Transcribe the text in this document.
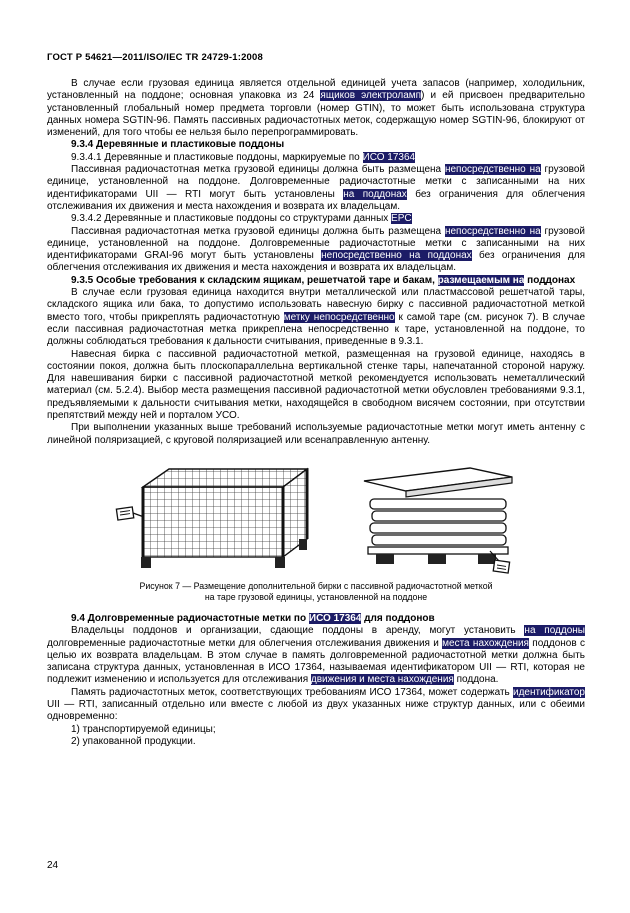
ГОСТ Р 54621—2011/ISO/IEC TR 24729-1:2008

В случае если грузовая единица является отдельной единицей учета запасов (например, холодильник, установленный на поддоне; основная упаковка из 24 ящиков электроламп) и ей присвоен предварительно установленный глобальный номер предмета торговли (номер GTIN), то может быть использована структура данных номера SGTIN-96. Память пассивных радиочастотных меток, содержащую номер SGTIN-96, блокируют от изменений, для того чтобы ее нельзя было перепрограммировать.

9.3.4 Деревянные и пластиковые поддоны

9.3.4.1 Деревянные и пластиковые поддоны, маркируемые по ИСО 17364

Пассивная радиочастотная метка грузовой единицы должна быть размещена непосредственно на грузовой единице, установленной на поддоне. Долговременные радиочастотные метки с записанными на них идентификаторами UII — RTI могут быть установлены на поддонах без ограничения для облегчения отслеживания их движения и места нахождения и возврата их владельцам.

9.3.4.2 Деревянные и пластиковые поддоны со структурами данных EPC

Пассивная радиочастотная метка грузовой единицы должна быть размещена непосредственно на грузовой единице, установленной на поддоне. Долговременные радиочастотные метки с записанными на них идентификаторами GRAI-96 могут быть установлены непосредственно на поддонах без ограничения для облегчения отслеживания их движения и места нахождения и возврата их владельцам.

9.3.5 Особые требования к складским ящикам, решетчатой таре и бакам, размещаемым на поддонах

В случае если грузовая единица находится внутри металлической или пластмассовой решетчатой тары, складского ящика или бака, то допустимо использовать навесную бирку с пассивной радиочастотной меткой вместо того, чтобы прикреплять радиочастотную метку непосредственно к самой таре (см. рисунок 7). В случае если пассивная радиочастотная метка прикреплена непосредственно к таре, установленной на поддоне, то должны соблюдаться требования к дальности считывания, приведенные в 9.3.1.

Навесная бирка с пассивной радиочастотной меткой, размещенная на грузовой единице, находясь в состоянии покоя, должна быть плоскопараллельна вертикальной стенке тары, напечатанной стороной наружу. Для навешивания бирки с пассивной радиочастотной меткой рекомендуется использовать неметаллический материал (см. 5.2.4). Выбор места размещения пассивной радиочастотной метки обусловлен требованиями 9.3.1, предъявляемыми к дальности считывания метки, находящейся в свободном висячем состоянии, при отсутствии препятствий между ней и порталом УСО.

При выполнении указанных выше требований используемые радиочастотные метки могут иметь антенну с линейной поляризацией, с круговой поляризацией или всенаправленную антенну.

Рисунок 7 — Размещение дополнительной бирки с пассивной радиочастотной меткой
на таре грузовой единицы, установленной на поддоне

9.4 Долговременные радиочастотные метки по ИСО 17364 для поддонов

Владельцы поддонов и организации, сдающие поддоны в аренду, могут установить на поддоны долговременные радиочастотные метки для облегчения отслеживания движения и места нахождения поддонов с целью их возврата владельцам. В этом случае в память долговременной радиочастотной метки должна быть записана структура данных, установленная в ИСО 17364, называемая идентификатором UII — RTI, которая не подлежит изменению и используется для отслеживания движения и места нахождения поддона.

Память радиочастотных меток, соответствующих требованиям ИСО 17364, может содержать идентификатор UII — RTI, записанный отдельно или вместе с любой из двух указанных ниже структур данных, или с обеими одновременно:

1) транспортируемой единицы;

2) упакованной продукции.

24
